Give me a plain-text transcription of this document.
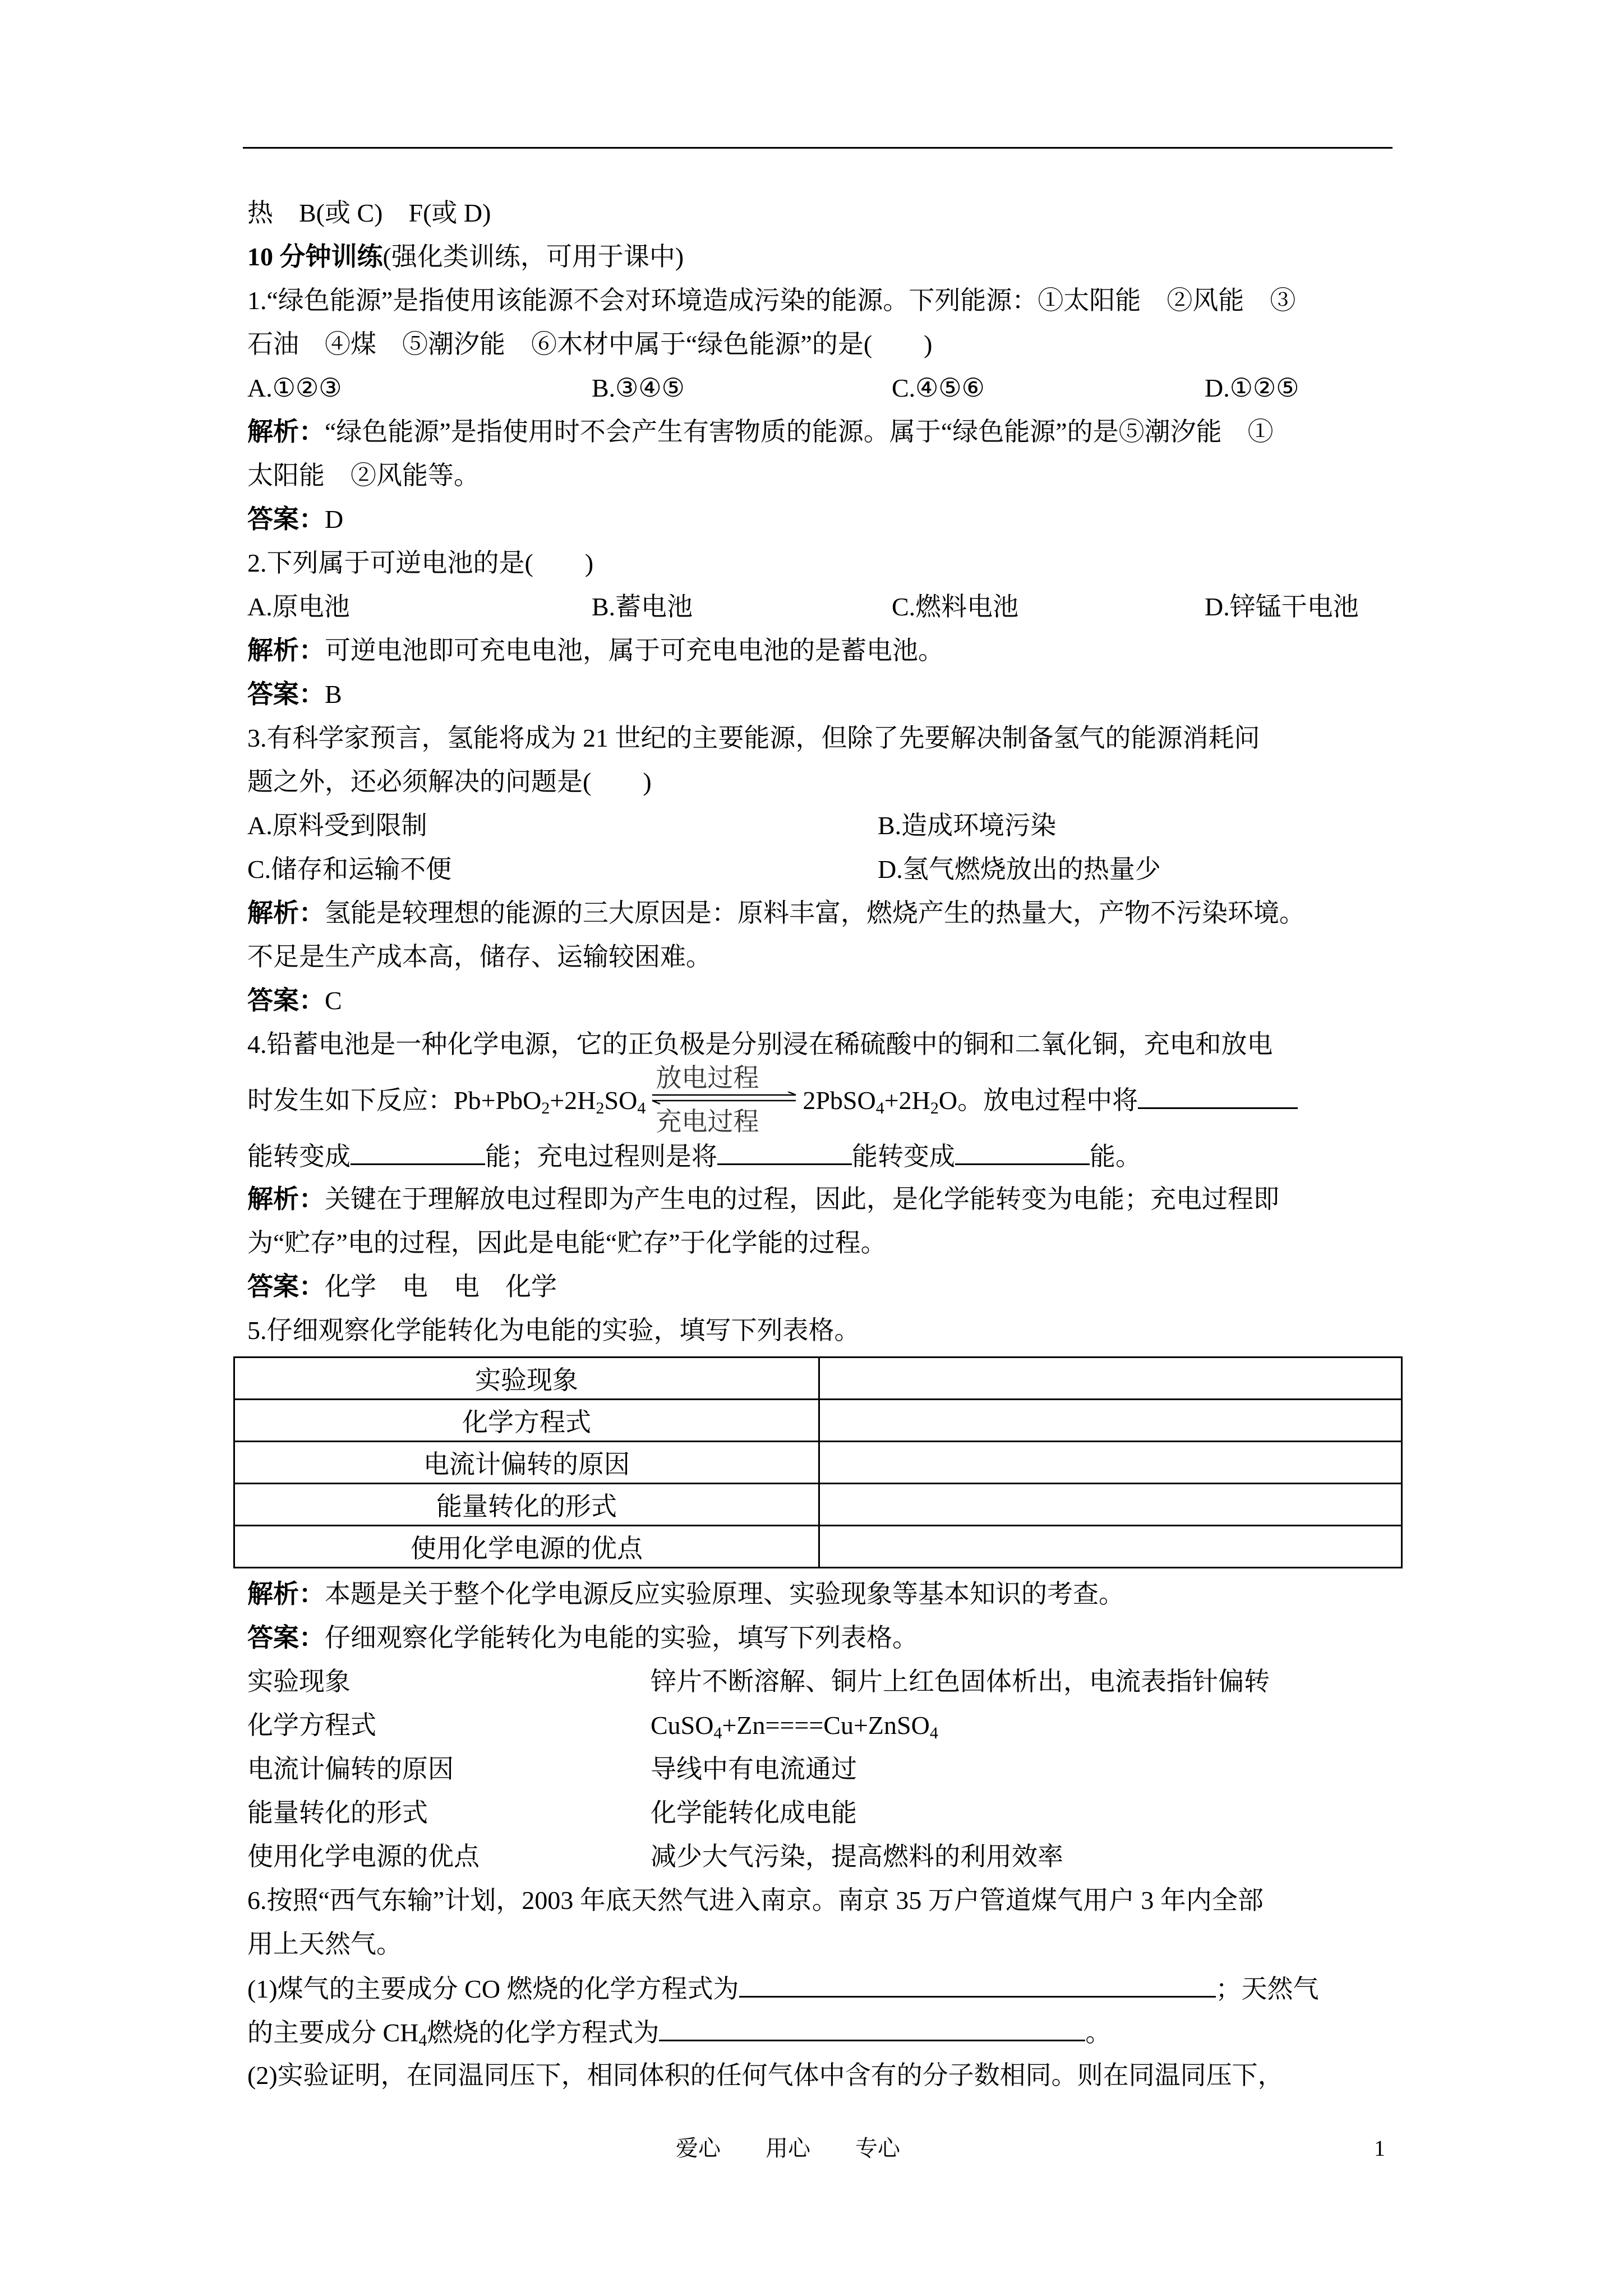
热    B(或 C)    F(或 D)
10 分钟训练(强化类训练，可用于课中)
1.“绿色能源”是指使用该能源不会对环境造成污染的能源。下列能源：①太阳能    ②风能    ③
石油    ④煤    ⑤潮汐能    ⑥木材中属于“绿色能源”的是(        )
A.①②③	B.③④⑤	C.④⑤⑥	D.①②⑤
解析：“绿色能源”是指使用时不会产生有害物质的能源。属于“绿色能源”的是⑤潮汐能    ①
太阳能    ②风能等。
答案：D
2.下列属于可逆电池的是(        )
A.原电池	B.蓄电池	C.燃料电池	D.锌锰干电池
解析：可逆电池即可充电电池，属于可充电电池的是蓄电池。
答案：B
3.有科学家预言，氢能将成为 21 世纪的主要能源，但除了先要解决制备氢气的能源消耗问
题之外，还必须解决的问题是(        )
A.原料受到限制	B.造成环境污染
C.储存和运输不便	D.氢气燃烧放出的热量少
解析：氢能是较理想的能源的三大原因是：原料丰富，燃烧产生的热量大，产物不污染环境。
不足是生产成本高，储存、运输较困难。
答案：C
4.铅蓄电池是一种化学电源，它的正负极是分别浸在稀硫酸中的铜和二氧化铜，充电和放电
时发生如下反应：$Pb+PbO_2+2H_2SO_4$
放电过程
充电过程
$2PbSO_4+2H_2O$。放电过程中将
能转变成	能；充电过程则是将	能转变成	能。
解析：关键在于理解放电过程即为产生电的过程，因此，是化学能转变为电能；充电过程即
为“贮存”电的过程，因此是电能“贮存”于化学能的过程。
答案：化学    电    电    化学
5.仔细观察化学能转化为电能的实验，填写下列表格。
实验现象	
化学方程式	
电流计偏转的原因	
能量转化的形式	
使用化学电源的优点	
解析：本题是关于整个化学电源反应实验原理、实验现象等基本知识的考查。
答案：仔细观察化学能转化为电能的实验，填写下列表格。
实验现象	锌片不断溶解、铜片上红色固体析出，电流表指针偏转
化学方程式	CuSO$_4$+Zn====Cu+ZnSO$_4$
电流计偏转的原因	导线中有电流通过
能量转化的形式	化学能转化成电能
使用化学电源的优点	减少大气污染，提高燃料的利用效率
6.按照“西气东输”计划，2003 年底天然气进入南京。南京 35 万户管道煤气用户 3 年内全部
用上天然气。
(1)煤气的主要成分 CO 燃烧的化学方程式为	；天然气
的主要成分 $CH_4$燃烧的化学方程式为	。
(2)实验证明，在同温同压下，相同体积的任何气体中含有的分子数相同。则在同温同压下，
爱心        用心        专心	1
